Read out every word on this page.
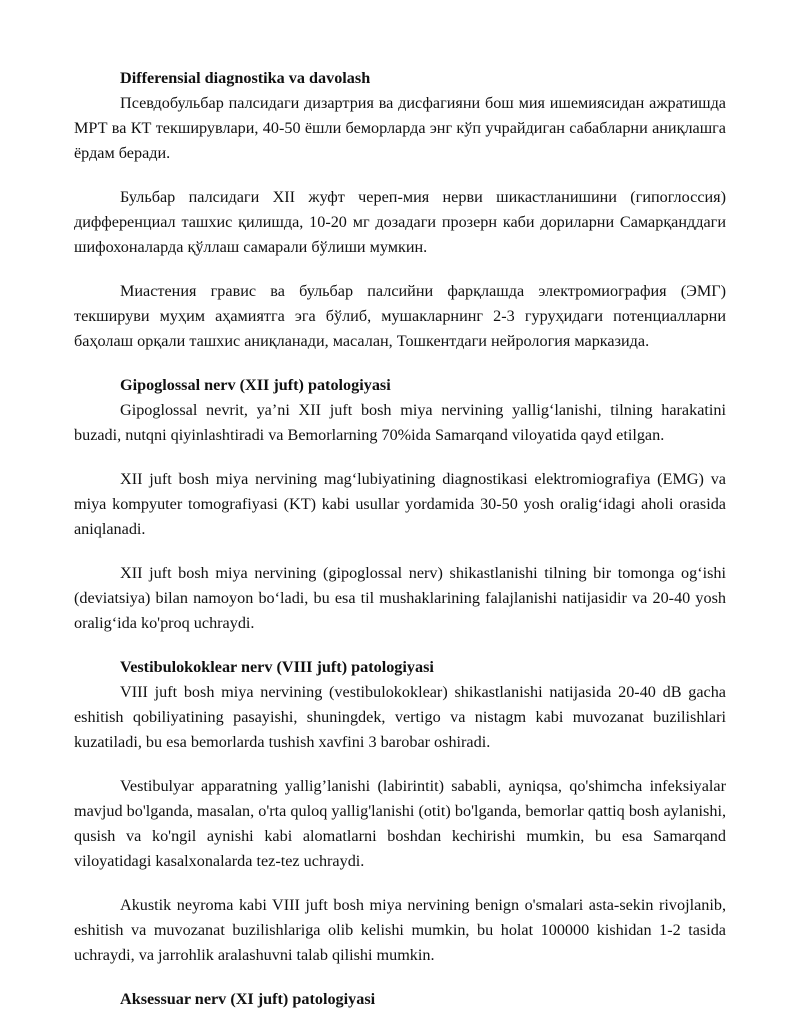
Differensial diagnostika va davolash

Псевдобульбар палсидаги дизартрия ва дисфагияни бош мия ишемиясидан ажратишда МРТ ва КТ текширувлари, 40-50 ёшли беморларда энг кўп учрайдиган сабабларни аниқлашга ёрдам беради.

Бульбар палсидаги XII жуфт череп-мия нерви шикастланишини (гипоглоссия) дифференциал ташхис қилишда, 10-20 мг дозадаги прозерн каби дориларни Самарқанддаги шифохоналарда қўллаш самарали бўлиши мумкин.

Миастения гравис ва бульбар палсийни фарқлашда электромиография (ЭМГ) текшируви муҳим аҳамиятга эга бўлиб, мушакларнинг 2-3 гуруҳидаги потенциалларни баҳолаш орқали ташхис аниқланади, масалан, Тошкентдаги нейрология марказида.

Gipoglossal nerv (XII juft) patologiyasi

Gipoglossal nevrit, ya’ni XII juft bosh miya nervining yallig‘lanishi, tilning harakatini buzadi, nutqni qiyinlashtiradi va Bemorlarning 70%ida Samarqand viloyatida qayd etilgan.

XII juft bosh miya nervining mag‘lubiyatining diagnostikasi elektromiografiya (EMG) va miya kompyuter tomografiyasi (KT) kabi usullar yordamida 30-50 yosh oralig‘idagi aholi orasida aniqlanadi.

XII juft bosh miya nervining (gipoglossal nerv) shikastlanishi tilning bir tomonga og‘ishi (deviatsiya) bilan namoyon bo‘ladi, bu esa til mushaklarining falajlanishi natijasidir va 20-40 yosh oralig‘ida ko'proq uchraydi.

Vestibulokoklear nerv (VIII juft) patologiyasi

VIII juft bosh miya nervining (vestibulokoklear) shikastlanishi natijasida 20-40 dB gacha eshitish qobiliyatining pasayishi, shuningdek, vertigo va nistagm kabi muvozanat buzilishlari kuzatiladi, bu esa bemorlarda tushish xavfini 3 barobar oshiradi.

Vestibulyar apparatning yallig’lanishi (labirintit) sababli, ayniqsa, qo'shimcha infeksiyalar mavjud bo'lganda, masalan, o'rta quloq yallig'lanishi (otit) bo'lganda, bemorlar qattiq bosh aylanishi, qusish va ko'ngil aynishi kabi alomatlarni boshdan kechirishi mumkin, bu esa Samarqand viloyatidagi kasalxonalarda tez-tez uchraydi.

Akustik neyroma kabi VIII juft bosh miya nervining benign o'smalari asta-sekin rivojlanib, eshitish va muvozanat buzilishlariga olib kelishi mumkin, bu holat 100000 kishidan 1-2 tasida uchraydi, va jarrohlik aralashuvni talab qilishi mumkin.

Aksessuar nerv (XI juft) patologiyasi
